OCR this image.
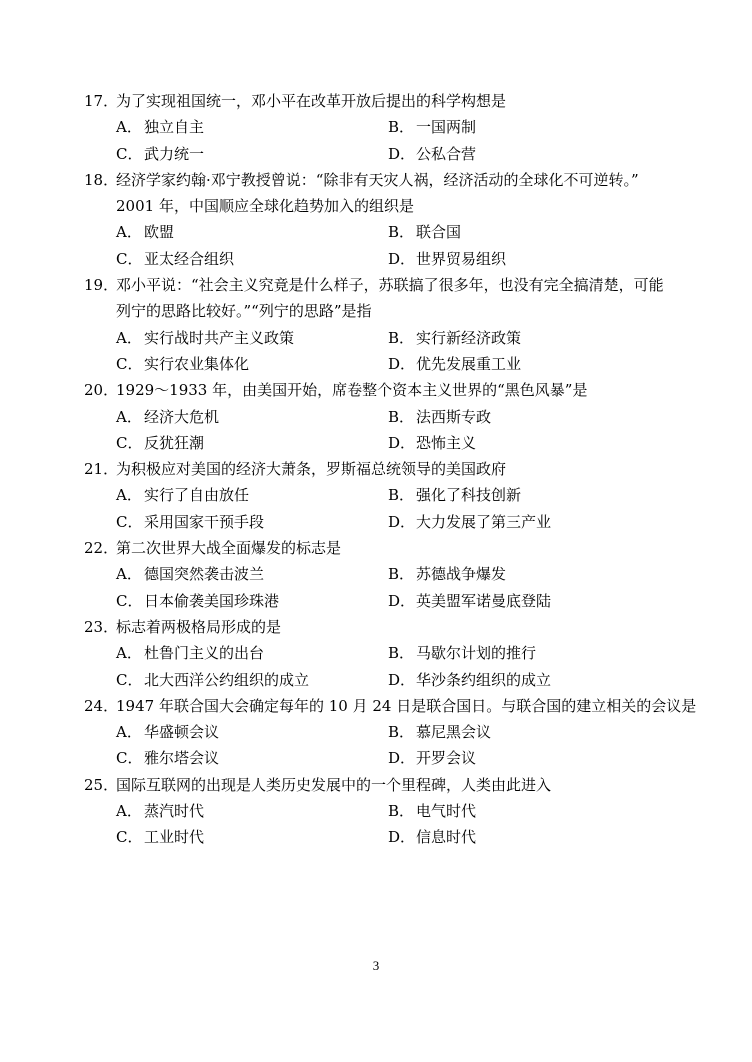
17．
为了实现祖国统一，邓小平在改革开放后提出的科学构想是
A． 独立自主	B． 一国两制
C． 武力统一	D． 公私合营
18．
经济学家约翰·邓宁教授曾说：“除非有天灾人祸，经济活动的全球化不可逆转。”
2001 年，中国顺应全球化趋势加入的组织是
A． 欧盟	B． 联合国
C． 亚太经合组织	D． 世界贸易组织
19．
邓小平说：“社会主义究竟是什么样子，苏联搞了很多年，也没有完全搞清楚，可能
列宁的思路比较好。”“列宁的思路”是指
A． 实行战时共产主义政策	B． 实行新经济政策
C． 实行农业集体化	D． 优先发展重工业
20．
1929～1933 年，由美国开始，席卷整个资本主义世界的“黑色风暴”是
A． 经济大危机	B． 法西斯专政
C． 反犹狂潮	D． 恐怖主义
21．
为积极应对美国的经济大萧条，罗斯福总统领导的美国政府
A． 实行了自由放任	B． 强化了科技创新
C． 采用国家干预手段	D． 大力发展了第三产业
22．
第二次世界大战全面爆发的标志是
A． 德国突然袭击波兰	B． 苏德战争爆发
C． 日本偷袭美国珍珠港	D． 英美盟军诺曼底登陆
23．
标志着两极格局形成的是
A． 杜鲁门主义的出台	B． 马歇尔计划的推行
C． 北大西洋公约组织的成立	D． 华沙条约组织的成立
24．
1947 年联合国大会确定每年的 10 月 24 日是联合国日。与联合国的建立相关的会议是
A． 华盛顿会议	B． 慕尼黑会议
C． 雅尔塔会议	D． 开罗会议
25．
国际互联网的出现是人类历史发展中的一个里程碑，人类由此进入
A． 蒸汽时代	B． 电气时代
C． 工业时代	D． 信息时代
3
